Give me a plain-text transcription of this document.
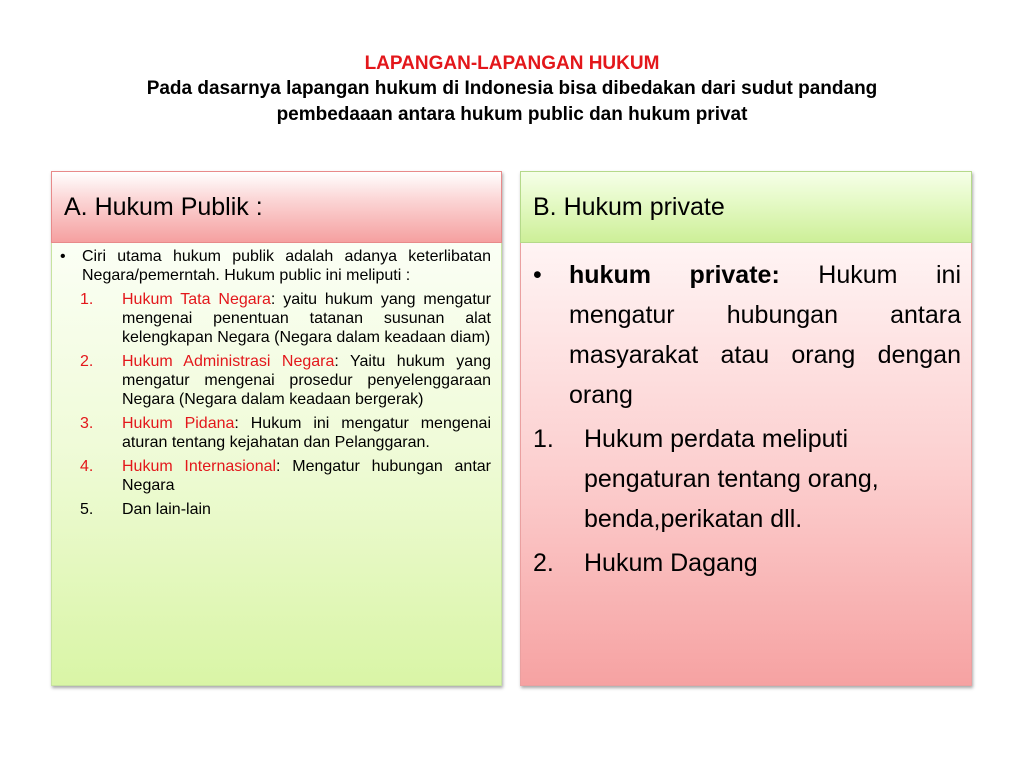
LAPANGAN-LAPANGAN HUKUM
Pada dasarnya lapangan hukum di Indonesia bisa dibedakan dari sudut pandang
pembedaaan antara hukum public dan hukum privat
A. Hukum Publik :
•	Ciri utama hukum publik adalah adanya keterlibatan Negara/pemerntah. Hukum public ini meliputi :
1.	Hukum Tata Negara: yaitu hukum yang mengatur mengenai penentuan tatanan susunan alat kelengkapan Negara (Negara dalam keadaan diam)
2.	Hukum Administrasi Negara: Yaitu hukum yang mengatur mengenai prosedur penyelenggaraan Negara (Negara dalam keadaan bergerak)
3.	Hukum Pidana: Hukum ini mengatur mengenai aturan tentang kejahatan dan Pelanggaran.
4.	Hukum Internasional: Mengatur hubungan antar Negara
5.	Dan lain-lain
B. Hukum private
•	hukum private: Hukum ini mengatur hubungan antara masyarakat atau orang dengan orang
1.	Hukum perdata meliputi pengaturan tentang orang, benda,perikatan dll.
2.	Hukum Dagang
